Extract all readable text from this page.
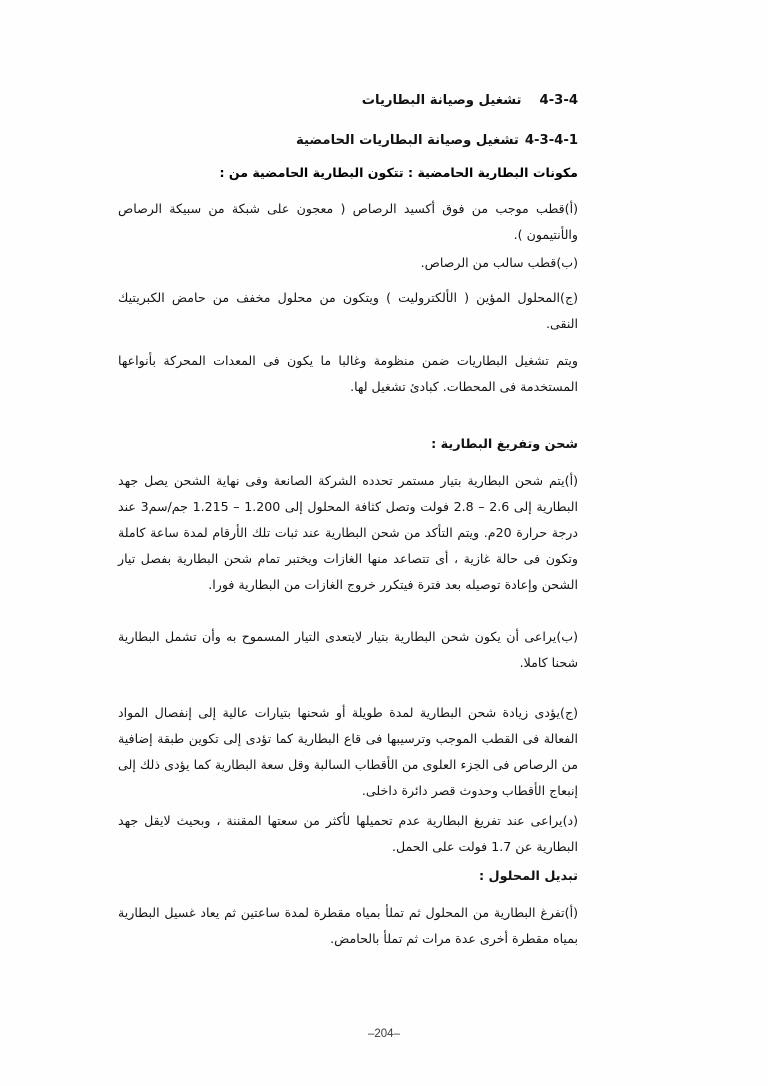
4-3-4تشغيل وصيانة البطاريات
4-3-4-1تشغيل وصيانة البطاريات الحامضية

مكونات البطارية الحامضية : تتكون البطارية الحامضية من :

(أ)قطب موجب من فوق أكسيد الرصاص ( معجون على شبكة من سبيكة الرصاص والأنتيمون ).

(ب)قطب سالب من الرصاص.

(ج)المحلول المؤين ( الألكتروليت ) ويتكون من محلول مخفف من حامض الكبريتيك النقى.

ويتم تشغيل البطاريات ضمن منظومة وغالبا ما يكون فى المعدات المحركة بأنواعها المستخدمة فى المحطات. كبادئ تشغيل لها.

شحن وتفريغ البطارية :

(أ)يتم شحن البطارية بتيار مستمر تحدده الشركة الصانعة وفى نهاية الشحن يصل جهد البطارية إلى 2.6 – 2.8 فولت وتصل كثافة المحلول إلى 1.200 – 1.215 جم/سم3 عند درجة حرارة 20م. ويتم التأكد من شحن البطارية عند ثبات تلك الأرقام لمدة ساعة كاملة وتكون فى حالة غازية ، أى تتصاعد منها الغازات ويختبر تمام شحن البطارية بفصل تيار الشحن وإعادة توصيله بعد فترة فيتكرر خروج الغازات من البطارية فورا.

(ب)يراعى أن يكون شحن البطارية بتيار لايتعدى التيار المسموح به وأن تشمل البطارية شحنا كاملا.

(ج)يؤدى زيادة شحن البطارية لمدة طويلة أو شحنها بتيارات عالية إلى إنفصال المواد الفعالة فى القطب الموجب وترسيبها فى قاع البطارية كما تؤدى إلى تكوين طبقة إضافية من الرصاص فى الجزء العلوى من الأقطاب السالبة وقل سعة البطارية كما يؤدى ذلك إلى إنبعاج الأقطاب وحدوث قصر دائرة داخلى.

(د)يراعى عند تفريغ البطارية عدم تحميلها لأكثر من سعتها المقننة ، وبحيث لايقل جهد البطارية عن 1.7 فولت على الحمل.

تبديل المحلول :

(أ)تفرغ البطارية من المحلول ثم تملأ بمياه مقطرة لمدة ساعتين ثم يعاد غسيل البطارية بمياه مقطرة أخرى عدة مرات ثم تملأ بالحامض.

–204–
